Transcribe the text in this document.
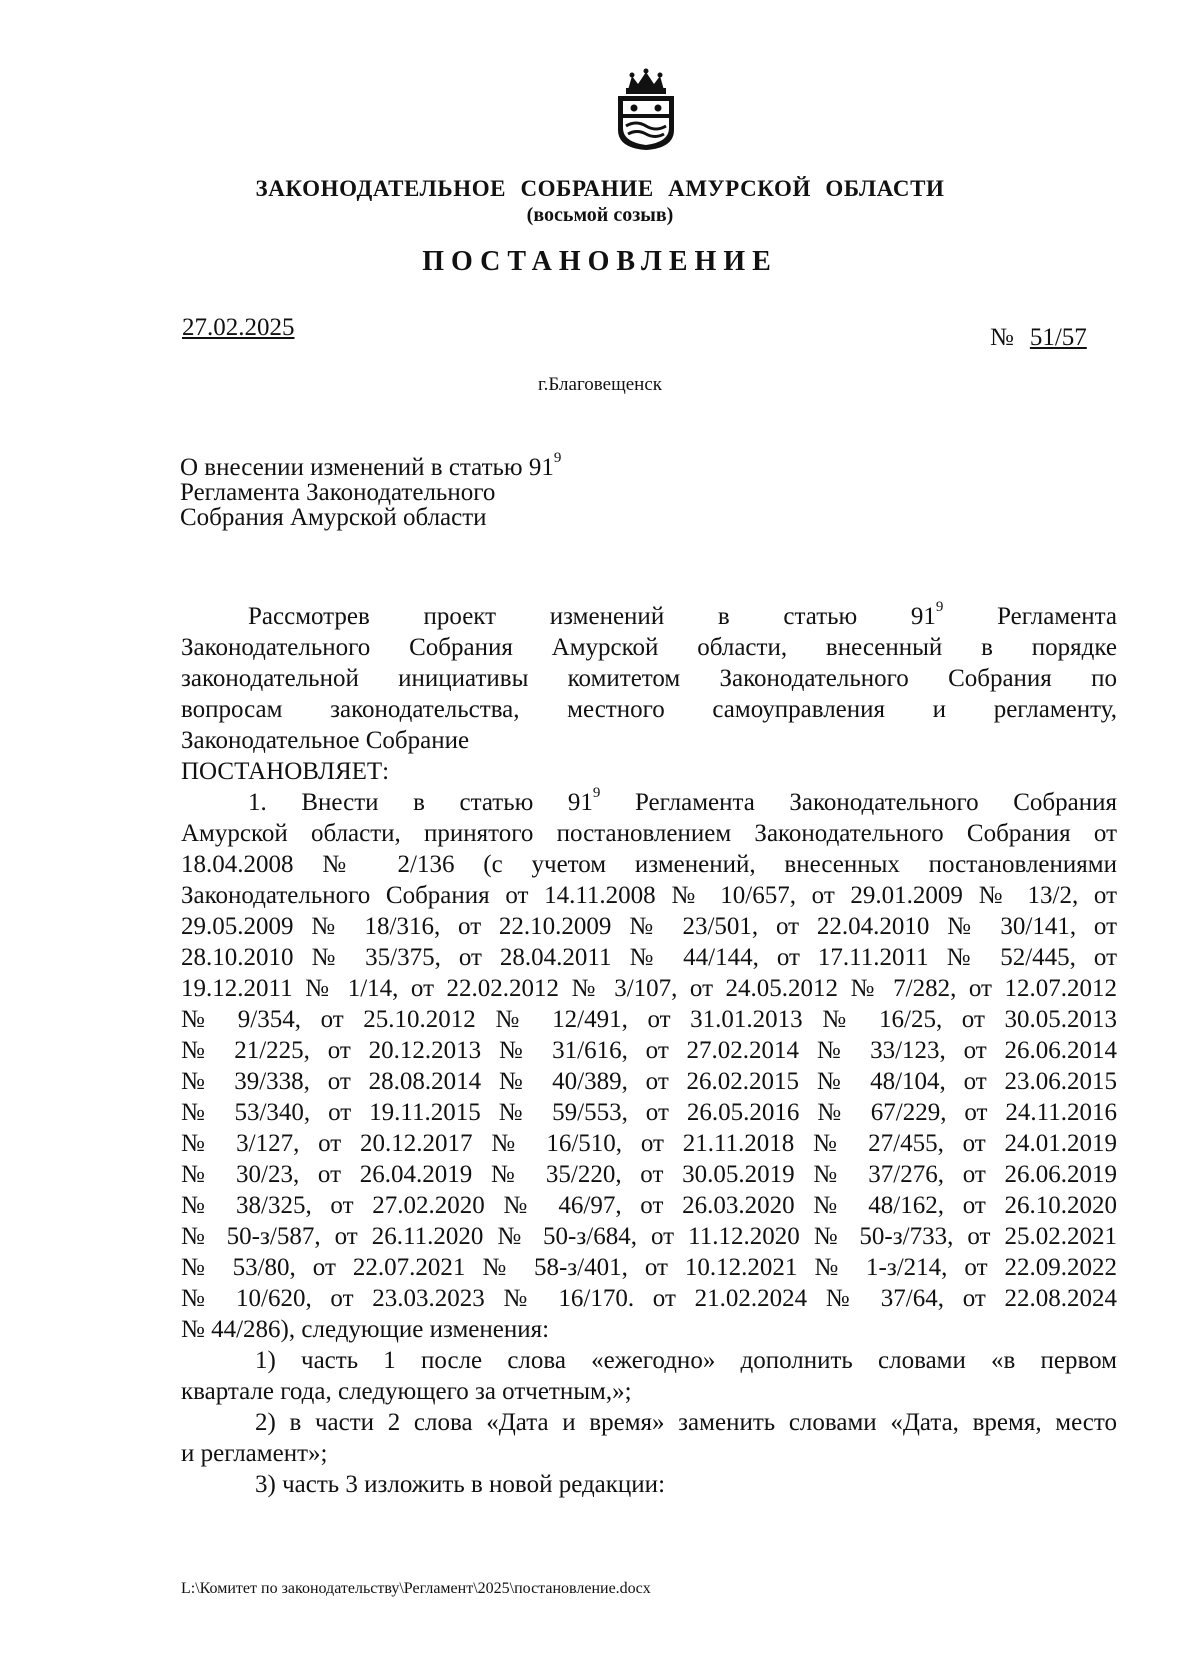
ЗАКОНОДАТЕЛЬНОЕ СОБРАНИЕ АМУРСКОЙ ОБЛАСТИ
(восьмой созыв)
ПОСТАНОВЛЕНИЕ
27.02.2025	№ 51/57
г.Благовещенск
О внесении изменений в статью $91^9$
Регламента Законодательного
Собрания Амурской области
Рассмотрев проект изменений в статью $91^9$ Регламента
Законодательного Собрания Амурской области, внесенный в порядке
законодательной инициативы комитетом Законодательного Собрания по
вопросам законодательства, местного самоуправления и регламенту,
Законодательное Собрание
ПОСТАНОВЛЯЕТ:
1. Внести в статью $91^9$ Регламента Законодательного Собрания
Амурской области, принятого постановлением Законодательного Собрания от
18.04.2008 № 2/136 (с учетом изменений, внесенных постановлениями
Законодательного Собрания от 14.11.2008 № 10/657, от 29.01.2009 № 13/2, от
29.05.2009 № 18/316, от 22.10.2009 № 23/501, от 22.04.2010 № 30/141, от
28.10.2010 № 35/375, от 28.04.2011 № 44/144, от 17.11.2011 № 52/445, от
19.12.2011 № 1/14, от 22.02.2012 № 3/107, от 24.05.2012 № 7/282, от 12.07.2012
№ 9/354, от 25.10.2012 № 12/491, от 31.01.2013 № 16/25, от 30.05.2013
№ 21/225, от 20.12.2013 № 31/616, от 27.02.2014 № 33/123, от 26.06.2014
№ 39/338, от 28.08.2014 № 40/389, от 26.02.2015 № 48/104, от 23.06.2015
№ 53/340, от 19.11.2015 № 59/553, от 26.05.2016 № 67/229, от 24.11.2016
№ 3/127, от 20.12.2017 № 16/510, от 21.11.2018 № 27/455, от 24.01.2019
№ 30/23, от 26.04.2019 № 35/220, от 30.05.2019 № 37/276, от 26.06.2019
№ 38/325, от 27.02.2020 № 46/97, от 26.03.2020 № 48/162, от 26.10.2020
№ 50-з/587, от 26.11.2020 № 50-з/684, от 11.12.2020 № 50-з/733, от 25.02.2021
№ 53/80, от 22.07.2021 № 58-з/401, от 10.12.2021 № 1-з/214, от 22.09.2022
№ 10/620, от 23.03.2023 № 16/170. от 21.02.2024 № 37/64, от 22.08.2024
№ 44/286), следующие изменения:
1) часть 1 после слова «ежегодно» дополнить словами «в первом
квартале года, следующего за отчетным,»;
2) в части 2 слова «Дата и время» заменить словами «Дата, время, место
и регламент»;
3) часть 3 изложить в новой редакции:
L:\Комитет по законодательству\Регламент\2025\постановление.docx
